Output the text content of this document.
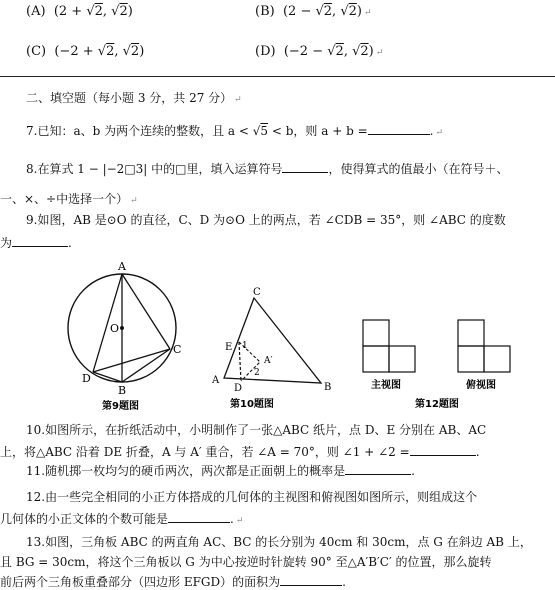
(A) (2 + √2, √2)	(B) (2 − √2, √2) ↵
(C) (−2 + √2, √2)	(D) (−2 − √2, √2) ↵
二、填空题（每小题 3 分，共 27 分） ↵
7.已知：a、b 为两个连续的整数，且 a < √5 < b，则 a + b =	. ↵
8.在算式 1 − |−2□3| 中的□里，填入运算符号	，使得算式的值最小（在符号＋、
一、×、÷中选择一个） ↵
9.如图，AB 是⊙O 的直径，C、D 为⊙O 上的两点，若 ∠CDB = 35°，则 ∠ABC 的度数
为	.
A
O
C
D
B
第9题图
C
E 1
A′
2
A
D	B
第10题图
主视图	俯视图
第12题图
10.如图所示，在折纸活动中，小明制作了一张△ABC 纸片，点 D、E 分别在 AB、AC
上，将△ABC 沿着 DE 折叠，A 与 A′ 重合，若 ∠A = 70°，则 ∠1 + ∠2 =	.
11.随机掷一枚均匀的硬币两次，两次都是正面朝上的概率是	.
12.由一些完全相同的小正方体搭成的几何体的主视图和俯视图如图所示，则组成这个
几何体的小正文体的个数可能是	. ↵
13.如图，三角板 ABC 的两直角 AC、BC 的长分别为 40cm 和 30cm，点 G 在斜边 AB 上，
且 BG = 30cm，将这个三角板以 G 为中心按逆时针旋转 90° 至△A′B′C′ 的位置，那么旋转
前后两个三角板重叠部分（四边形 EFGD）的面积为	.
